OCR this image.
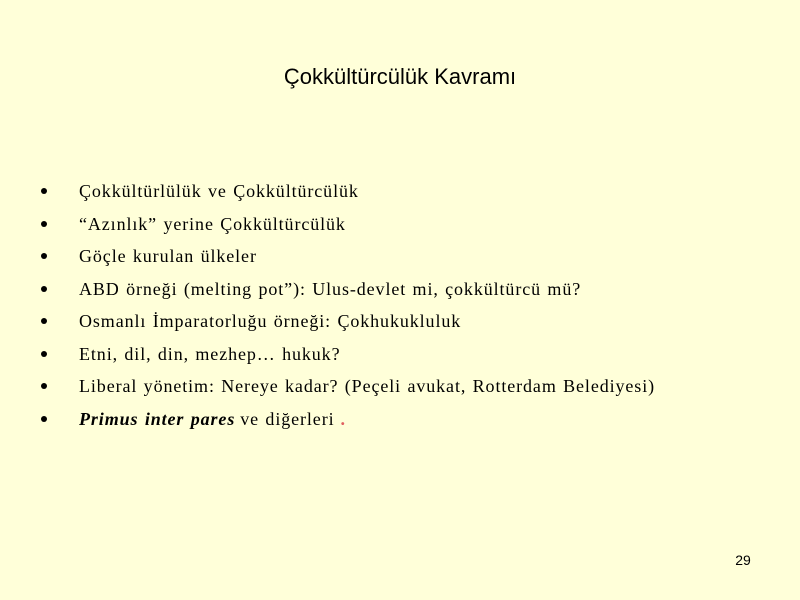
Çokkültürcülük Kavramı
Çokkültürlülük ve Çokkültürcülük
“Azınlık” yerine Çokkültürcülük
Göçle kurulan ülkeler
ABD örneği (melting pot”): Ulus-devlet mi, çokkültürcü mü?
Osmanlı İmparatorluğu örneği: Çokhukukluluk
Etni, dil, din, mezhep… hukuk?
Liberal yönetim: Nereye kadar? (Peçeli avukat, Rotterdam Belediyesi)
Primus inter pares ve diğerleri .
29
